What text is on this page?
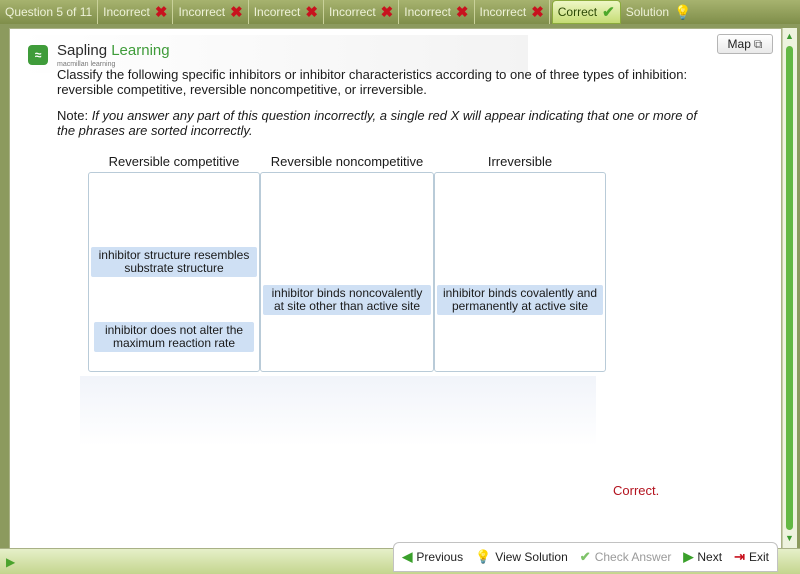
Question 5 of 11 Incorrect ✖ Incorrect ✖ Incorrect ✖ Incorrect ✖ Incorrect ✖ Incorrect ✖ Correct ✔ Solution 💡
≈	Sapling Learning
macmillan learning
Map ⧉
Classify the following specific inhibitors or inhibitor characteristics according to one of three types of inhibition: reversible competitive, reversible noncompetitive, or irreversible.
Note: If you answer any part of this question incorrectly, a single red X will appear indicating that one or more of the phrases are sorted incorrectly.
Reversible competitive	Reversible noncompetitive	Irreversible
inhibitor structure resembles substrate structure
inhibitor does not alter the maximum reaction rate
inhibitor binds noncovalently at site other than active site
inhibitor binds covalently and permanently at active site
Correct.
▲
▼
▶	◀ Previous 💡 View Solution ✔ Check Answer ▶ Next ⇥ Exit
